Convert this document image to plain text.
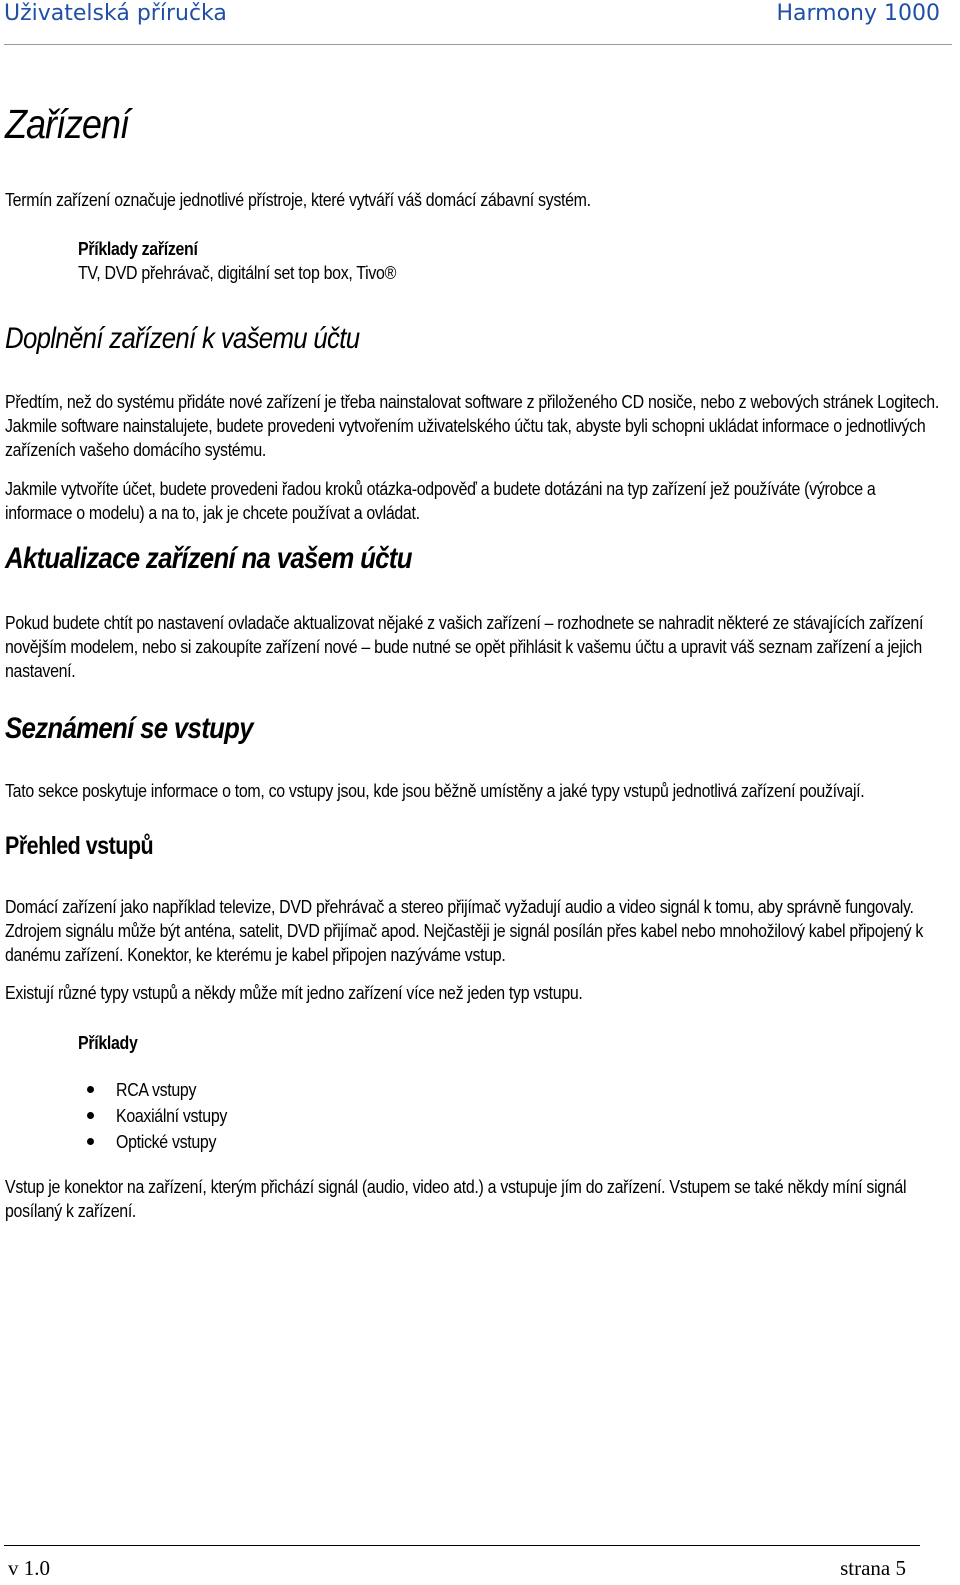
Uživatelská příručka	Harmony 1000
Zařízení

Termín zařízení označuje jednotlivé přístroje, které vytváří váš domácí zábavní systém.

Příklady zařízení

TV, DVD přehrávač, digitální set top box, Tivo®

Doplnění zařízení k vašemu účtu

Předtím, než do systému přidáte nové zařízení je třeba nainstalovat software z přiloženého CD nosiče, nebo z webových stránek Logitech. Jakmile software nainstalujete, budete provedeni vytvořením uživatelského účtu tak, abyste byli schopni ukládat informace o jednotlivých zařízeních vašeho domácího systému.

Jakmile vytvoříte účet, budete provedeni řadou kroků otázka-odpověď a budete dotázáni na typ zařízení jež používáte (výrobce a informace o modelu) a na to, jak je chcete používat a ovládat.

Aktualizace zařízení na vašem účtu

Pokud budete chtít po nastavení ovladače aktualizovat nějaké z vašich zařízení – rozhodnete se nahradit některé ze stávajících zařízení novějším modelem, nebo si zakoupíte zařízení nové – bude nutné se opět přihlásit k vašemu účtu a upravit váš seznam zařízení a jejich nastavení.

Seznámení se vstupy

Tato sekce poskytuje informace o tom, co vstupy jsou, kde jsou běžně umístěny a jaké typy vstupů jednotlivá zařízení používají.

Přehled vstupů

Domácí zařízení jako například televize, DVD přehrávač a stereo přijímač vyžadují audio a video signál k tomu, aby správně fungovaly. Zdrojem signálu může být anténa, satelit, DVD přijímač apod. Nejčastěji je signál posílán přes kabel nebo mnohožilový kabel připojený k danému zařízení. Konektor, ke kterému je kabel připojen nazýváme vstup.

Existují různé typy vstupů a někdy může mít jedno zařízení více než jeden typ vstupu.

Příklady

RCA vstupy
Koaxiální vstupy
Optické vstupy

Vstup je konektor na zařízení, kterým přichází signál (audio, video atd.) a vstupuje jím do zařízení. Vstupem se také někdy míní signál posílaný k zařízení.

v 1.0	strana 5
